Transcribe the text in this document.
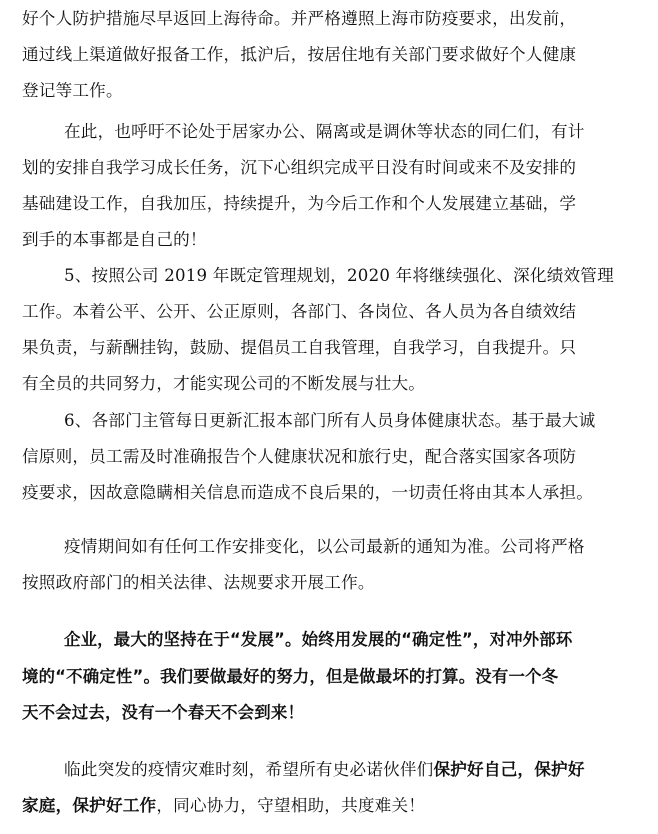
好个人防护措施尽早返回上海待命。并严格遵照上海市防疫要求，出发前，
通过线上渠道做好报备工作，抵沪后，按居住地有关部门要求做好个人健康
登记等工作。
在此，也呼吁不论处于居家办公、隔离或是调休等状态的同仁们，有计
划的安排自我学习成长任务，沉下心组织完成平日没有时间或来不及安排的
基础建设工作，自我加压，持续提升，为今后工作和个人发展建立基础，学
到手的本事都是自己的！
5、按照公司 2019 年既定管理规划，2020 年将继续强化、深化绩效管理
工作。本着公平、公开、公正原则，各部门、各岗位、各人员为各自绩效结
果负责，与薪酬挂钩，鼓励、提倡员工自我管理，自我学习，自我提升。只
有全员的共同努力，才能实现公司的不断发展与壮大。
6、各部门主管每日更新汇报本部门所有人员身体健康状态。基于最大诚
信原则，员工需及时准确报告个人健康状况和旅行史，配合落实国家各项防
疫要求，因故意隐瞒相关信息而造成不良后果的，一切责任将由其本人承担。
疫情期间如有任何工作安排变化，以公司最新的通知为准。公司将严格
按照政府部门的相关法律、法规要求开展工作。
企业，最大的坚持在于“发展”。始终用发展的“确定性”，对冲外部环
境的“不确定性”。我们要做最好的努力，但是做最坏的打算。没有一个冬
天不会过去，没有一个春天不会到来！
临此突发的疫情灾难时刻，希望所有史必诺伙伴们保护好自己，保护好
家庭，保护好工作，同心协力，守望相助，共度难关！
